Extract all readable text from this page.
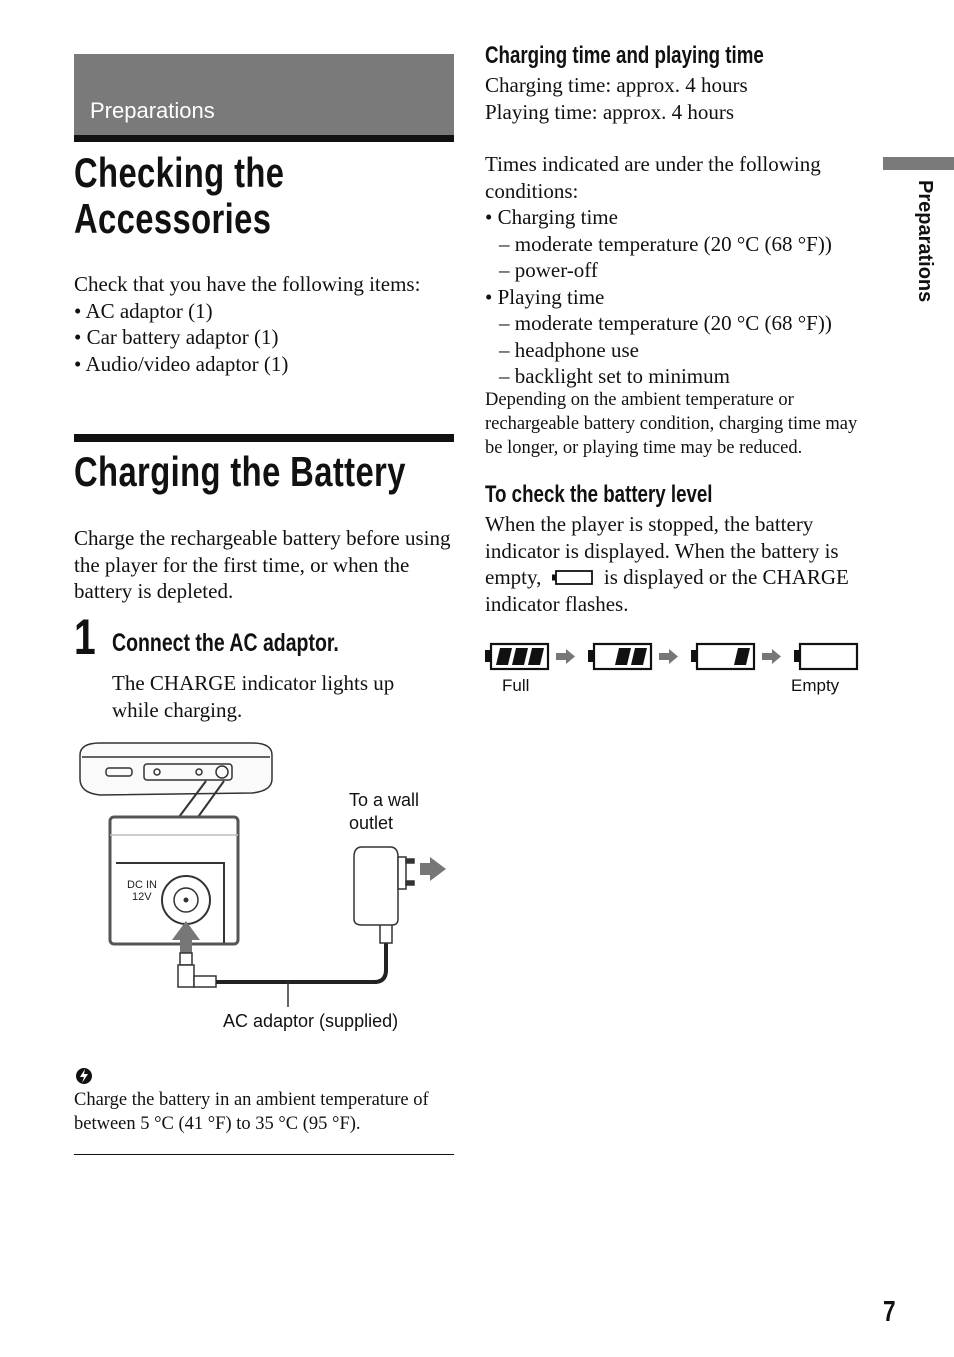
Preparations
Checking the
Accessories
Check that you have the following items:
• AC adaptor (1)
• Car battery adaptor (1)
• Audio/video adaptor (1)
Charging the Battery
Charge the rechargeable battery before using the player for the first time, or when the battery is depleted.
1 Connect the AC adaptor.
The CHARGE indicator lights up while charging.
DC IN
12V
To a wall
outlet
AC adaptor (supplied)
Charge the battery in an ambient temperature of between 5 °C (41 °F) to 35 °C (95 °F).
Charging time and playing time
Charging time: approx. 4 hours
Playing time: approx. 4 hours
Times indicated are under the following conditions:
• Charging time
– moderate temperature (20 °C (68 °F))
– power-off
• Playing time
– moderate temperature (20 °C (68 °F))
– headphone use
– backlight set to minimum
Depending on the ambient temperature or rechargeable battery condition, charging time may be longer, or playing time may be reduced.
To check the battery level
When the player is stopped, the battery indicator is displayed. When the battery is empty,	is displayed or the CHARGE indicator flashes.
Full	Empty
Preparations
7
